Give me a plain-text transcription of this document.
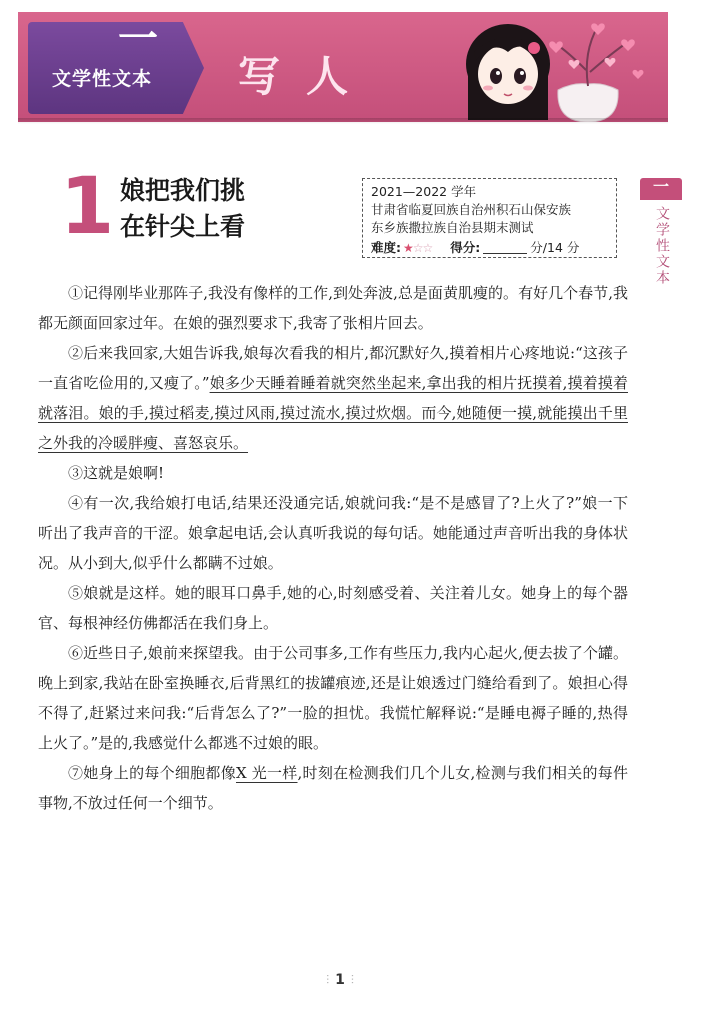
一
文学性文本	写人
一
文学性文本
1 娘把我们挑
在针尖上看
2021—2022 学年
甘肃省临夏回族自治州积石山保安族
东乡族撒拉族自治县期末测试
难度: ★☆☆ 得分:	分/14 分

①记得刚毕业那阵子,我没有像样的工作,到处奔波,总是面黄肌瘦的。有好几个春节,我都无颜面回家过年。在娘的强烈要求下,我寄了张相片回去。

②后来我回家,大姐告诉我,娘每次看我的相片,都沉默好久,摸着相片心疼地说:“这孩子一直省吃俭用的,又瘦了。”娘多少天睡着睡着就突然坐起来,拿出我的相片抚摸着,摸着摸着就落泪。娘的手,摸过稻麦,摸过风雨,摸过流水,摸过炊烟。而今,她随便一摸,就能摸出千里之外我的冷暖胖瘦、喜怒哀乐。

③这就是娘啊!

④有一次,我给娘打电话,结果还没通完话,娘就问我:“是不是感冒了?上火了?”娘一下听出了我声音的干涩。娘拿起电话,会认真听我说的每句话。她能通过声音听出我的身体状况。从小到大,似乎什么都瞒不过娘。

⑤娘就是这样。她的眼耳口鼻手,她的心,时刻感受着、关注着儿女。她身上的每个器官、每根神经仿佛都活在我们身上。

⑥近些日子,娘前来探望我。由于公司事多,工作有些压力,我内心起火,便去拔了个罐。晚上到家,我站在卧室换睡衣,后背黑红的拔罐痕迹,还是让娘透过门缝给看到了。娘担心得不得了,赶紧过来问我:“后背怎么了?”一脸的担忧。我慌忙解释说:“是睡电褥子睡的,热得上火了。”是的,我感觉什么都逃不过娘的眼。

⑦她身上的每个细胞都像X 光一样,时刻在检测我们几个儿女,检测与我们相关的每件事物,不放过任何一个细节。

⫶ 1 ⫶
